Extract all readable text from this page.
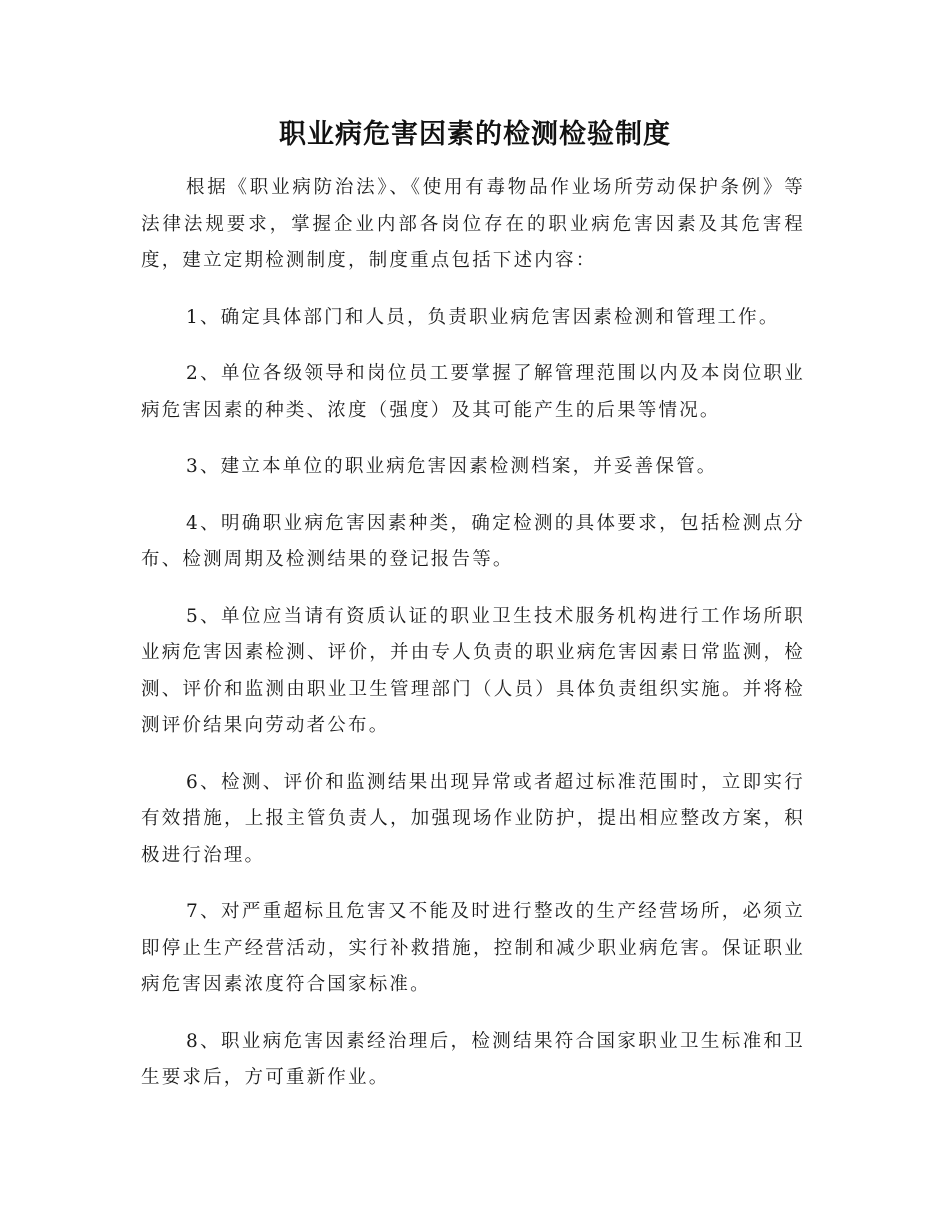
职业病危害因素的检测检验制度

根据《职业病防治法》、《使用有毒物品作业场所劳动保护条例》等法律法规要求，掌握企业内部各岗位存在的职业病危害因素及其危害程度，建立定期检测制度，制度重点包括下述内容：

1、确定具体部门和人员，负责职业病危害因素检测和管理工作。

2、单位各级领导和岗位员工要掌握了解管理范围以内及本岗位职业病危害因素的种类、浓度（强度）及其可能产生的后果等情况。

3、建立本单位的职业病危害因素检测档案，并妥善保管。

4、明确职业病危害因素种类，确定检测的具体要求，包括检测点分布、检测周期及检测结果的登记报告等。

5、单位应当请有资质认证的职业卫生技术服务机构进行工作场所职业病危害因素检测、评价，并由专人负责的职业病危害因素日常监测，检测、评价和监测由职业卫生管理部门（人员）具体负责组织实施。并将检测评价结果向劳动者公布。

6、检测、评价和监测结果出现异常或者超过标准范围时，立即实行有效措施，上报主管负责人，加强现场作业防护，提出相应整改方案，积极进行治理。

7、对严重超标且危害又不能及时进行整改的生产经营场所，必须立即停止生产经营活动，实行补救措施，控制和减少职业病危害。保证职业病危害因素浓度符合国家标准。

8、职业病危害因素经治理后，检测结果符合国家职业卫生标准和卫生要求后，方可重新作业。
